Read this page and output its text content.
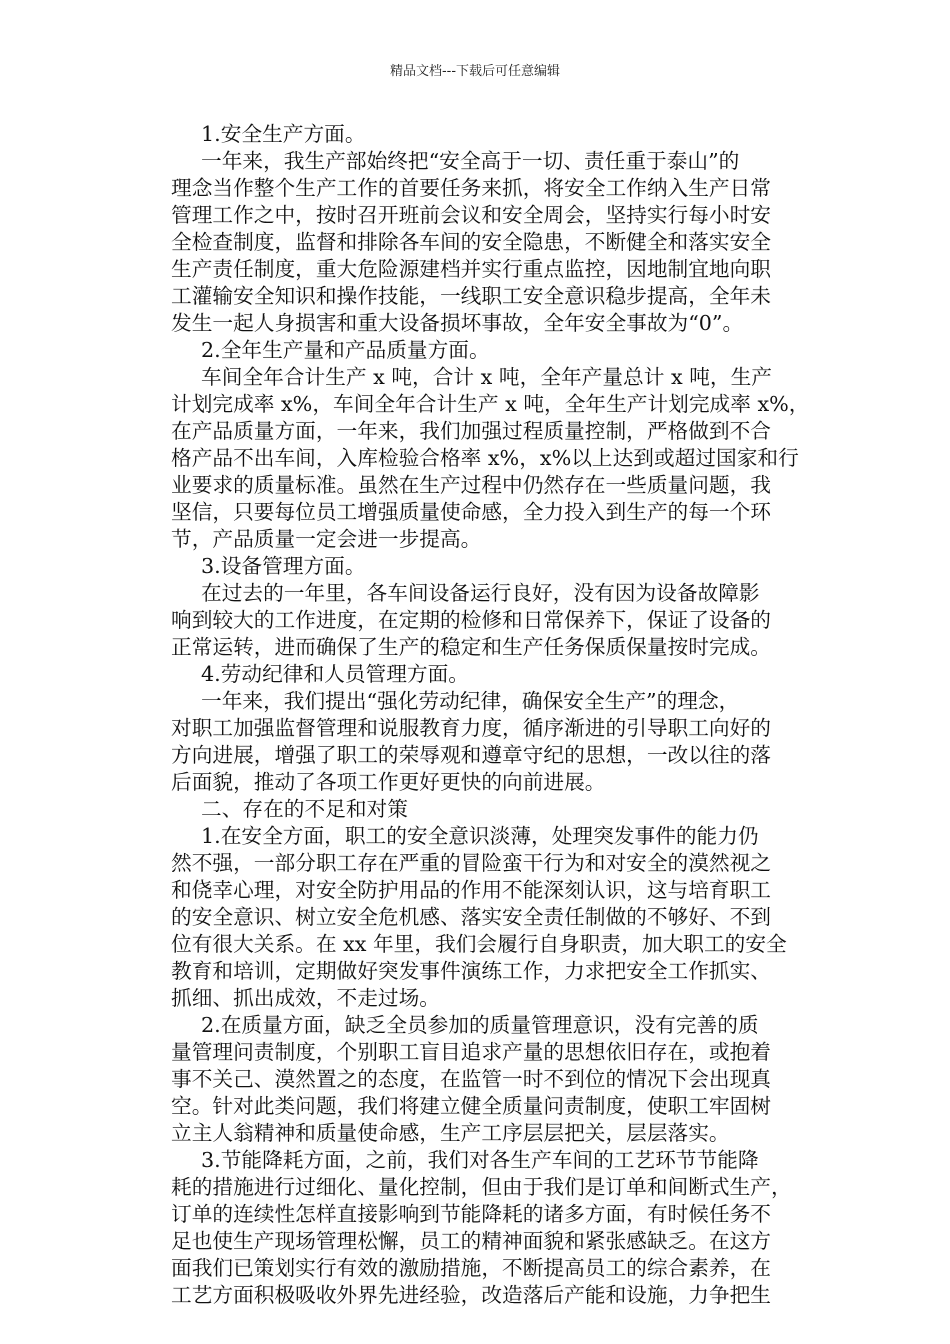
精品文档---下载后可任意编辑
1.安全生产方面。
一年来，我生产部始终把“安全高于一切、责任重于泰山”的
理念当作整个生产工作的首要任务来抓，将安全工作纳入生产日常
管理工作之中，按时召开班前会议和安全周会，坚持实行每小时安
全检查制度，监督和排除各车间的安全隐患，不断健全和落实安全
生产责任制度，重大危险源建档并实行重点监控，因地制宜地向职
工灌输安全知识和操作技能，一线职工安全意识稳步提高，全年未
发生一起人身损害和重大设备损坏事故，全年安全事故为“0”。
2.全年生产量和产品质量方面。
车间全年合计生产 x 吨，合计 x 吨，全年产量总计 x 吨，生产
计划完成率 x%，车间全年合计生产 x 吨，全年生产计划完成率 x%，
在产品质量方面，一年来，我们加强过程质量控制，严格做到不合
格产品不出车间，入库检验合格率 x%，x%以上达到或超过国家和行
业要求的质量标准。虽然在生产过程中仍然存在一些质量问题，我
坚信，只要每位员工增强质量使命感，全力投入到生产的每一个环
节，产品质量一定会进一步提高。
3.设备管理方面。
在过去的一年里，各车间设备运行良好，没有因为设备故障影
响到较大的工作进度，在定期的检修和日常保养下，保证了设备的
正常运转，进而确保了生产的稳定和生产任务保质保量按时完成。
4.劳动纪律和人员管理方面。
一年来，我们提出“强化劳动纪律，确保安全生产”的理念，
对职工加强监督管理和说服教育力度，循序渐进的引导职工向好的
方向进展，增强了职工的荣辱观和遵章守纪的思想，一改以往的落
后面貌，推动了各项工作更好更快的向前进展。
二、存在的不足和对策
1.在安全方面，职工的安全意识淡薄，处理突发事件的能力仍
然不强，一部分职工存在严重的冒险蛮干行为和对安全的漠然视之
和侥幸心理，对安全防护用品的作用不能深刻认识，这与培育职工
的安全意识、树立安全危机感、落实安全责任制做的不够好、不到
位有很大关系。在 xx 年里，我们会履行自身职责，加大职工的安全
教育和培训，定期做好突发事件演练工作，力求把安全工作抓实、
抓细、抓出成效，不走过场。
2.在质量方面，缺乏全员参加的质量管理意识，没有完善的质
量管理问责制度，个别职工盲目追求产量的思想依旧存在，或抱着
事不关己、漠然置之的态度，在监管一时不到位的情况下会出现真
空。针对此类问题，我们将建立健全质量问责制度，使职工牢固树
立主人翁精神和质量使命感，生产工序层层把关，层层落实。
3.节能降耗方面，之前，我们对各生产车间的工艺环节节能降
耗的措施进行过细化、量化控制，但由于我们是订单和间断式生产，
订单的连续性怎样直接影响到节能降耗的诸多方面，有时候任务不
足也使生产现场管理松懈，员工的精神面貌和紧张感缺乏。在这方
面我们已策划实行有效的激励措施，不断提高员工的综合素养，在
工艺方面积极吸收外界先进经验，改造落后产能和设施，力争把生
